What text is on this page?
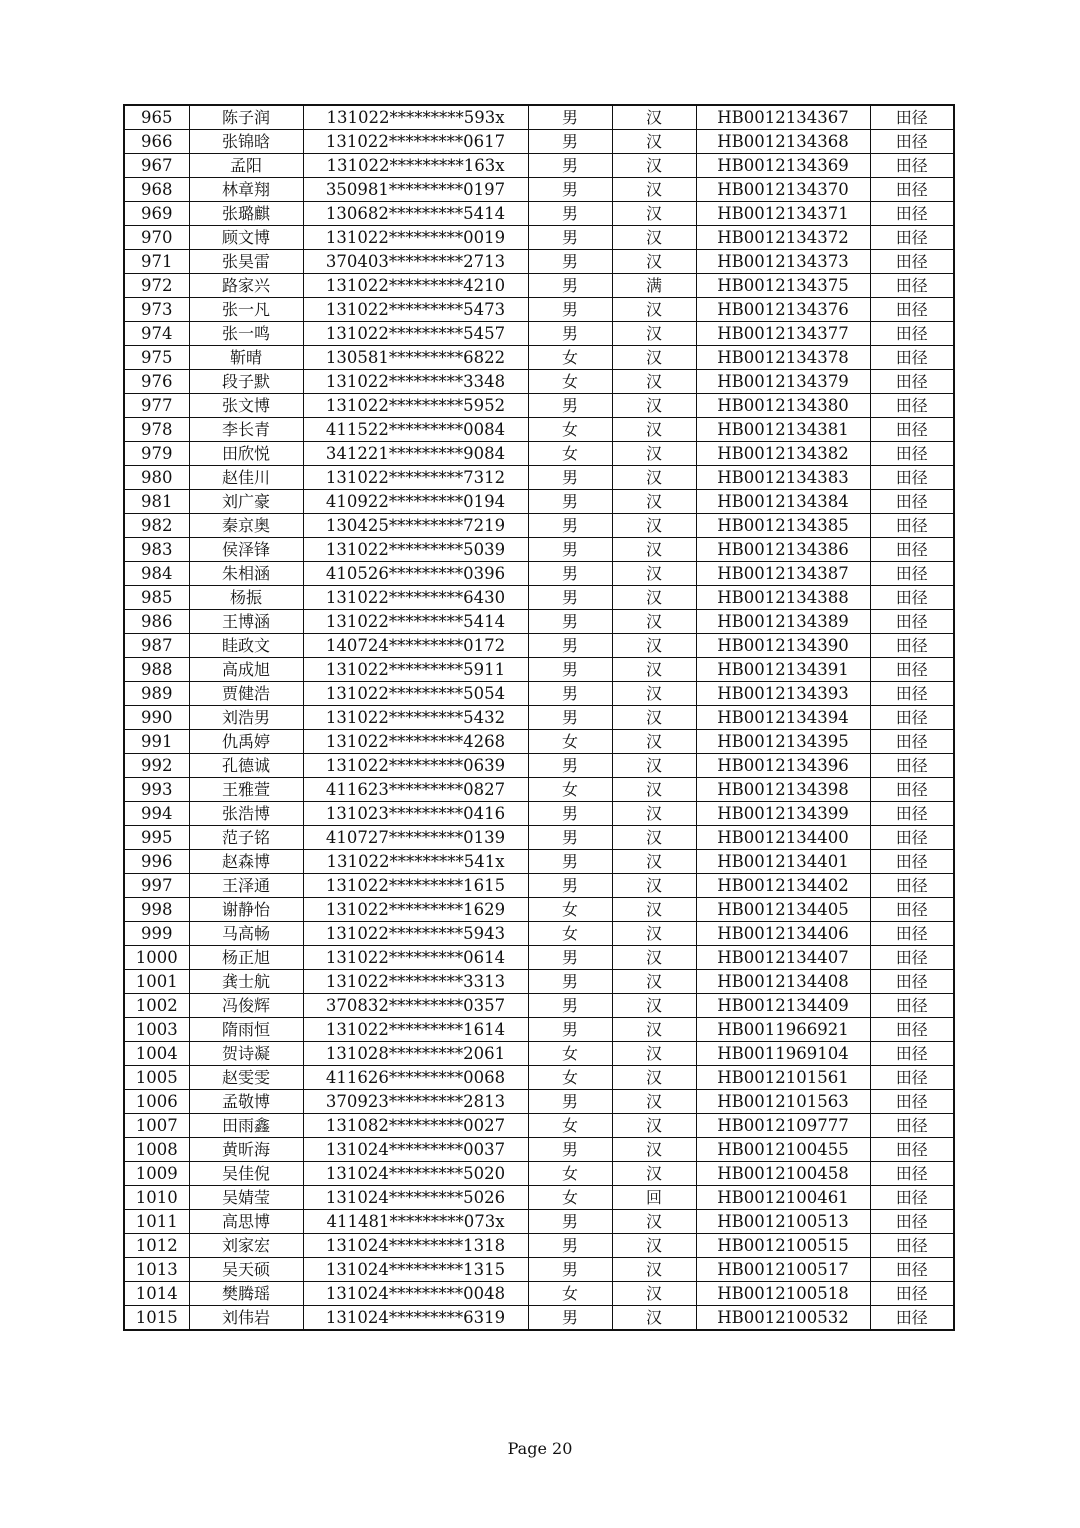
965	陈子润	131022*********593x	男	汉	HB0012134367	田径
966	张锦晗	131022*********0617	男	汉	HB0012134368	田径
967	孟阳	131022*********163x	男	汉	HB0012134369	田径
968	林章翔	350981*********0197	男	汉	HB0012134370	田径
969	张璐麒	130682*********5414	男	汉	HB0012134371	田径
970	顾文博	131022*********0019	男	汉	HB0012134372	田径
971	张昊雷	370403*********2713	男	汉	HB0012134373	田径
972	路家兴	131022*********4210	男	满	HB0012134375	田径
973	张一凡	131022*********5473	男	汉	HB0012134376	田径
974	张一鸣	131022*********5457	男	汉	HB0012134377	田径
975	靳晴	130581*********6822	女	汉	HB0012134378	田径
976	段子默	131022*********3348	女	汉	HB0012134379	田径
977	张文博	131022*********5952	男	汉	HB0012134380	田径
978	李长青	411522*********0084	女	汉	HB0012134381	田径
979	田欣悦	341221*********9084	女	汉	HB0012134382	田径
980	赵佳川	131022*********7312	男	汉	HB0012134383	田径
981	刘广豪	410922*********0194	男	汉	HB0012134384	田径
982	秦京奥	130425*********7219	男	汉	HB0012134385	田径
983	侯泽锋	131022*********5039	男	汉	HB0012134386	田径
984	朱相涵	410526*********0396	男	汉	HB0012134387	田径
985	杨振	131022*********6430	男	汉	HB0012134388	田径
986	王博涵	131022*********5414	男	汉	HB0012134389	田径
987	眭政文	140724*********0172	男	汉	HB0012134390	田径
988	高成旭	131022*********5911	男	汉	HB0012134391	田径
989	贾健浩	131022*********5054	男	汉	HB0012134393	田径
990	刘浩男	131022*********5432	男	汉	HB0012134394	田径
991	仇禹婷	131022*********4268	女	汉	HB0012134395	田径
992	孔德诚	131022*********0639	男	汉	HB0012134396	田径
993	王雅萱	411623*********0827	女	汉	HB0012134398	田径
994	张浩博	131023*********0416	男	汉	HB0012134399	田径
995	范子铭	410727*********0139	男	汉	HB0012134400	田径
996	赵森博	131022*********541x	男	汉	HB0012134401	田径
997	王泽通	131022*********1615	男	汉	HB0012134402	田径
998	谢静怡	131022*********1629	女	汉	HB0012134405	田径
999	马高畅	131022*********5943	女	汉	HB0012134406	田径
1000	杨正旭	131022*********0614	男	汉	HB0012134407	田径
1001	龚士航	131022*********3313	男	汉	HB0012134408	田径
1002	冯俊辉	370832*********0357	男	汉	HB0012134409	田径
1003	隋雨恒	131022*********1614	男	汉	HB0011966921	田径
1004	贺诗凝	131028*********2061	女	汉	HB0011969104	田径
1005	赵雯雯	411626*********0068	女	汉	HB0012101561	田径
1006	孟敬博	370923*********2813	男	汉	HB0012101563	田径
1007	田雨鑫	131082*********0027	女	汉	HB0012109777	田径
1008	黄昕海	131024*********0037	男	汉	HB0012100455	田径
1009	吴佳倪	131024*********5020	女	汉	HB0012100458	田径
1010	吴婧莹	131024*********5026	女	回	HB0012100461	田径
1011	高思博	411481*********073x	男	汉	HB0012100513	田径
1012	刘家宏	131024*********1318	男	汉	HB0012100515	田径
1013	吴天硕	131024*********1315	男	汉	HB0012100517	田径
1014	樊腾瑶	131024*********0048	女	汉	HB0012100518	田径
1015	刘伟岩	131024*********6319	男	汉	HB0012100532	田径
Page 20
